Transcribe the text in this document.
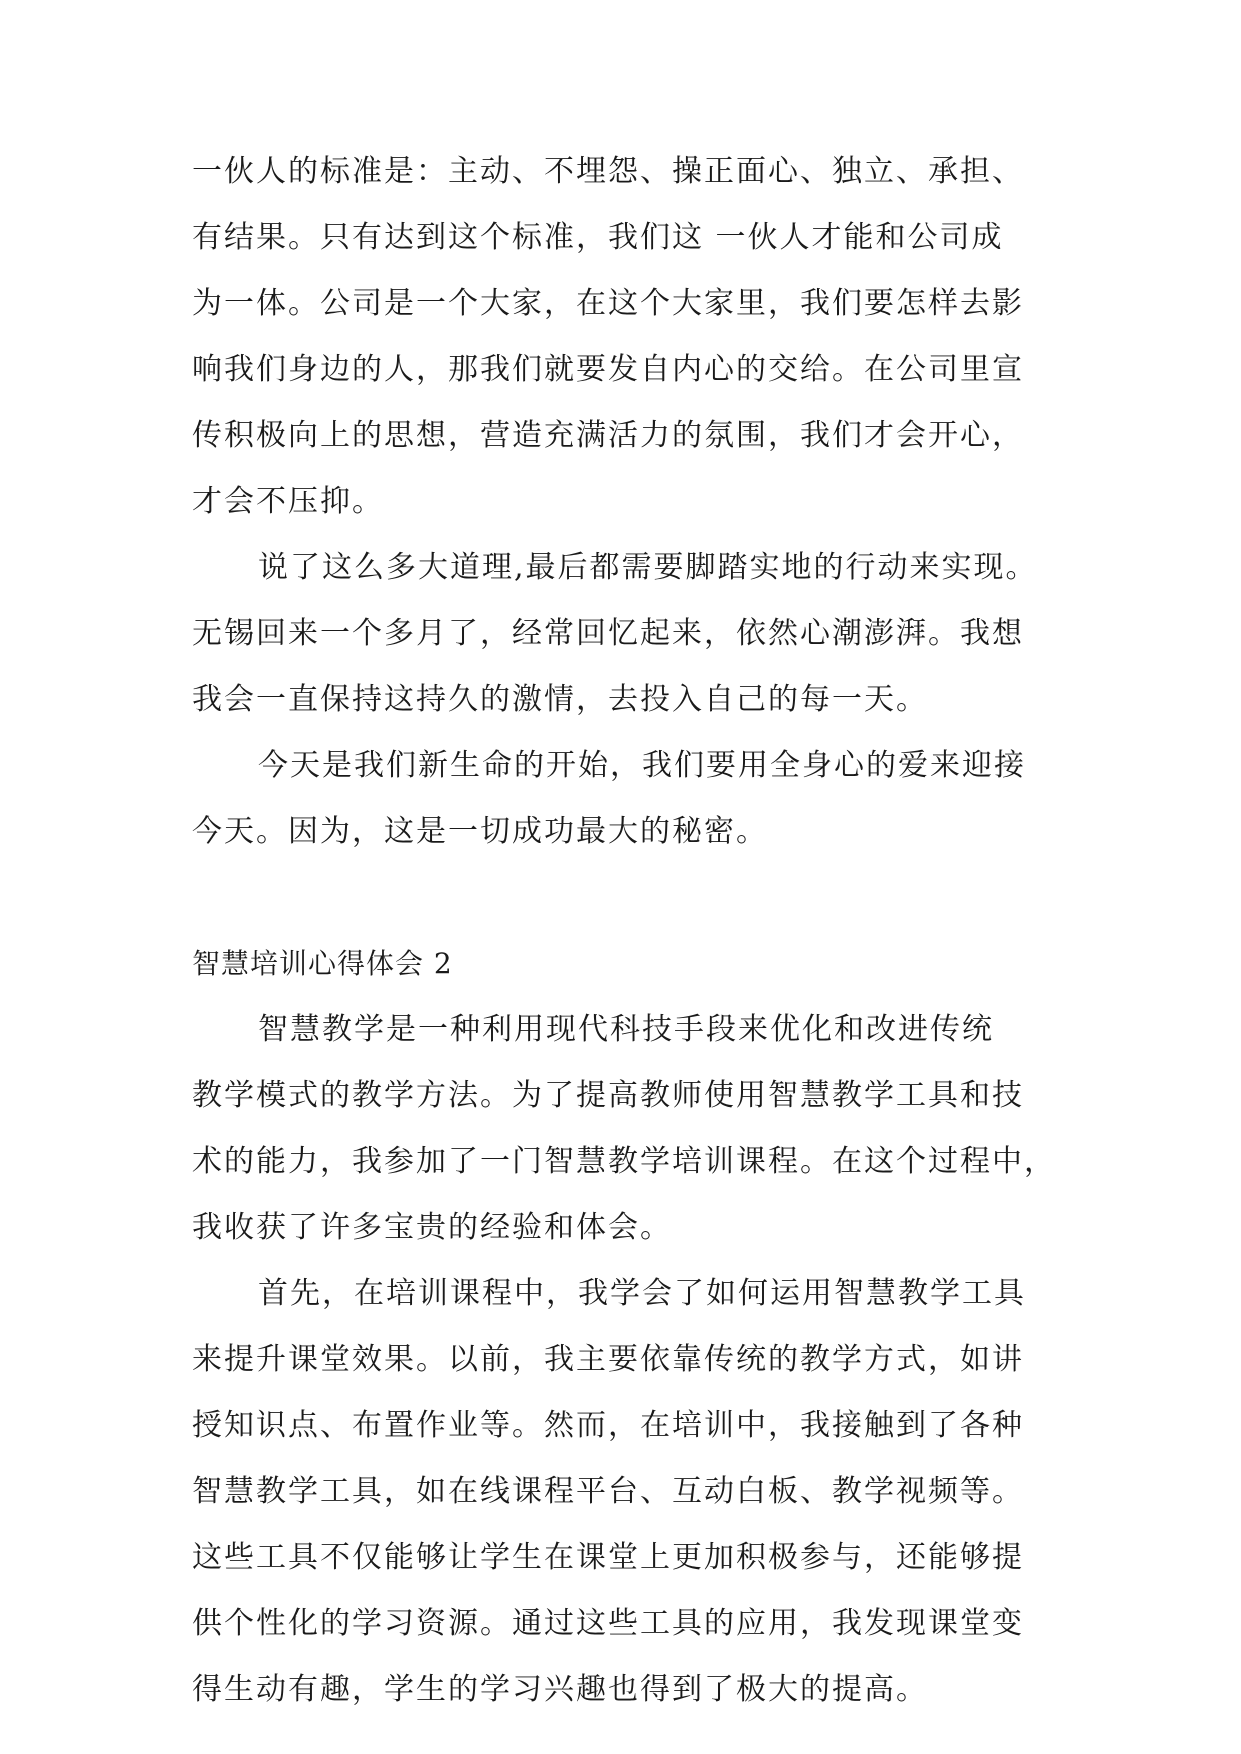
一伙人的标准是：主动、不埋怨、操正面心、独立、承担、
有结果。只有达到这个标准，我们这 一伙人才能和公司成
为一体。公司是一个大家，在这个大家里，我们要怎样去影
响我们身边的人，那我们就要发自内心的交给。在公司里宣
传积极向上的思想，营造充满活力的氛围，我们才会开心，
才会不压抑。
说了这么多大道理,最后都需要脚踏实地的行动来实现。
无锡回来一个多月了，经常回忆起来，依然心潮澎湃。我想
我会一直保持这持久的激情，去投入自己的每一天。
今天是我们新生命的开始，我们要用全身心的爱来迎接
今天。因为，这是一切成功最大的秘密。
智慧培训心得体会 2
智慧教学是一种利用现代科技手段来优化和改进传统
教学模式的教学方法。为了提高教师使用智慧教学工具和技
术的能力，我参加了一门智慧教学培训课程。在这个过程中，
我收获了许多宝贵的经验和体会。
首先，在培训课程中，我学会了如何运用智慧教学工具
来提升课堂效果。以前，我主要依靠传统的教学方式，如讲
授知识点、布置作业等。然而，在培训中，我接触到了各种
智慧教学工具，如在线课程平台、互动白板、教学视频等。
这些工具不仅能够让学生在课堂上更加积极参与，还能够提
供个性化的学习资源。通过这些工具的应用，我发现课堂变
得生动有趣，学生的学习兴趣也得到了极大的提高。
